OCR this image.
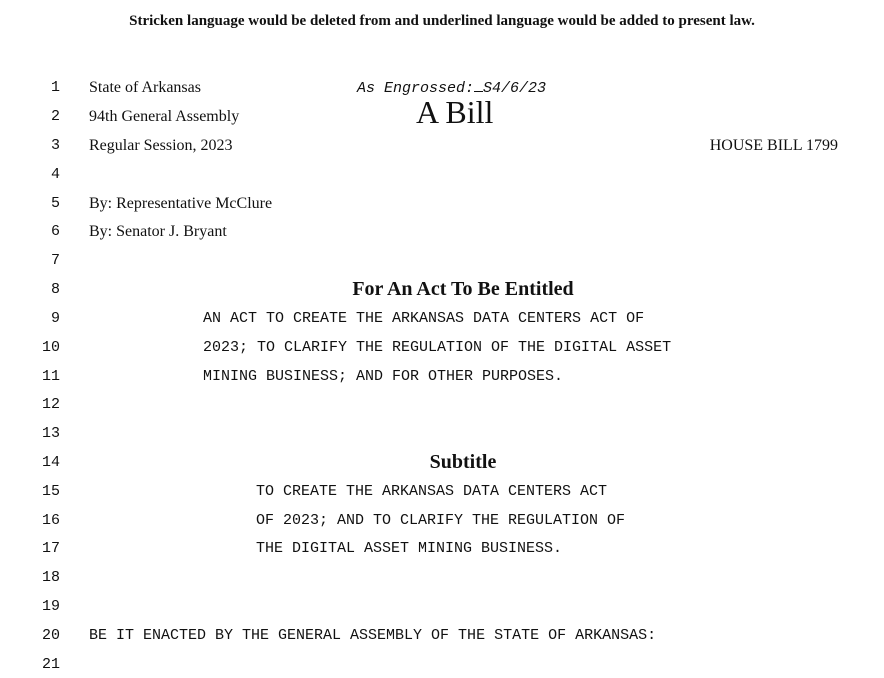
Stricken language would be deleted from and underlined language would be added to present law.
1
2
3
4
5
6
7
8
9
10
11
12
13
14
15
16
17
18
19
20
21
State of Arkansas
94th General Assembly
Regular Session, 2023
As Engrossed: S4/6/23
A Bill
HOUSE BILL 1799
By: Representative McClure
By: Senator J. Bryant
For An Act To Be Entitled
AN ACT TO CREATE THE ARKANSAS DATA CENTERS ACT OF
2023; TO CLARIFY THE REGULATION OF THE DIGITAL ASSET
MINING BUSINESS; AND FOR OTHER PURPOSES.
Subtitle
TO CREATE THE ARKANSAS DATA CENTERS ACT
OF 2023; AND TO CLARIFY THE REGULATION OF
THE DIGITAL ASSET MINING BUSINESS.
BE IT ENACTED BY THE GENERAL ASSEMBLY OF THE STATE OF ARKANSAS:
